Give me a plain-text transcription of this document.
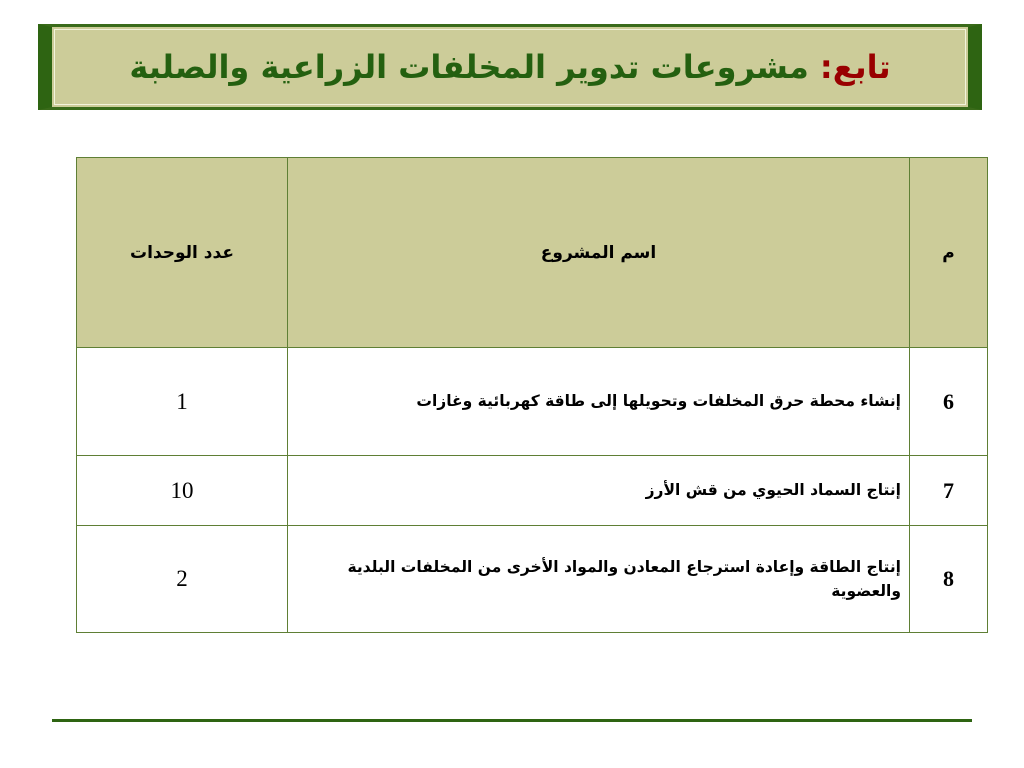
تابع: مشروعات تدوير المخلفات الزراعية والصلبة
م	اسم المشروع	عدد الوحدات
6	إنشاء محطة حرق المخلفات وتحويلها إلى طاقة كهربائية وغازات	1
7	إنتاج السماد الحيوي من قش الأرز	10
8	إنتاج الطاقة وإعادة استرجاع المعادن والمواد الأخرى من المخلفات البلدية والعضوية	2
